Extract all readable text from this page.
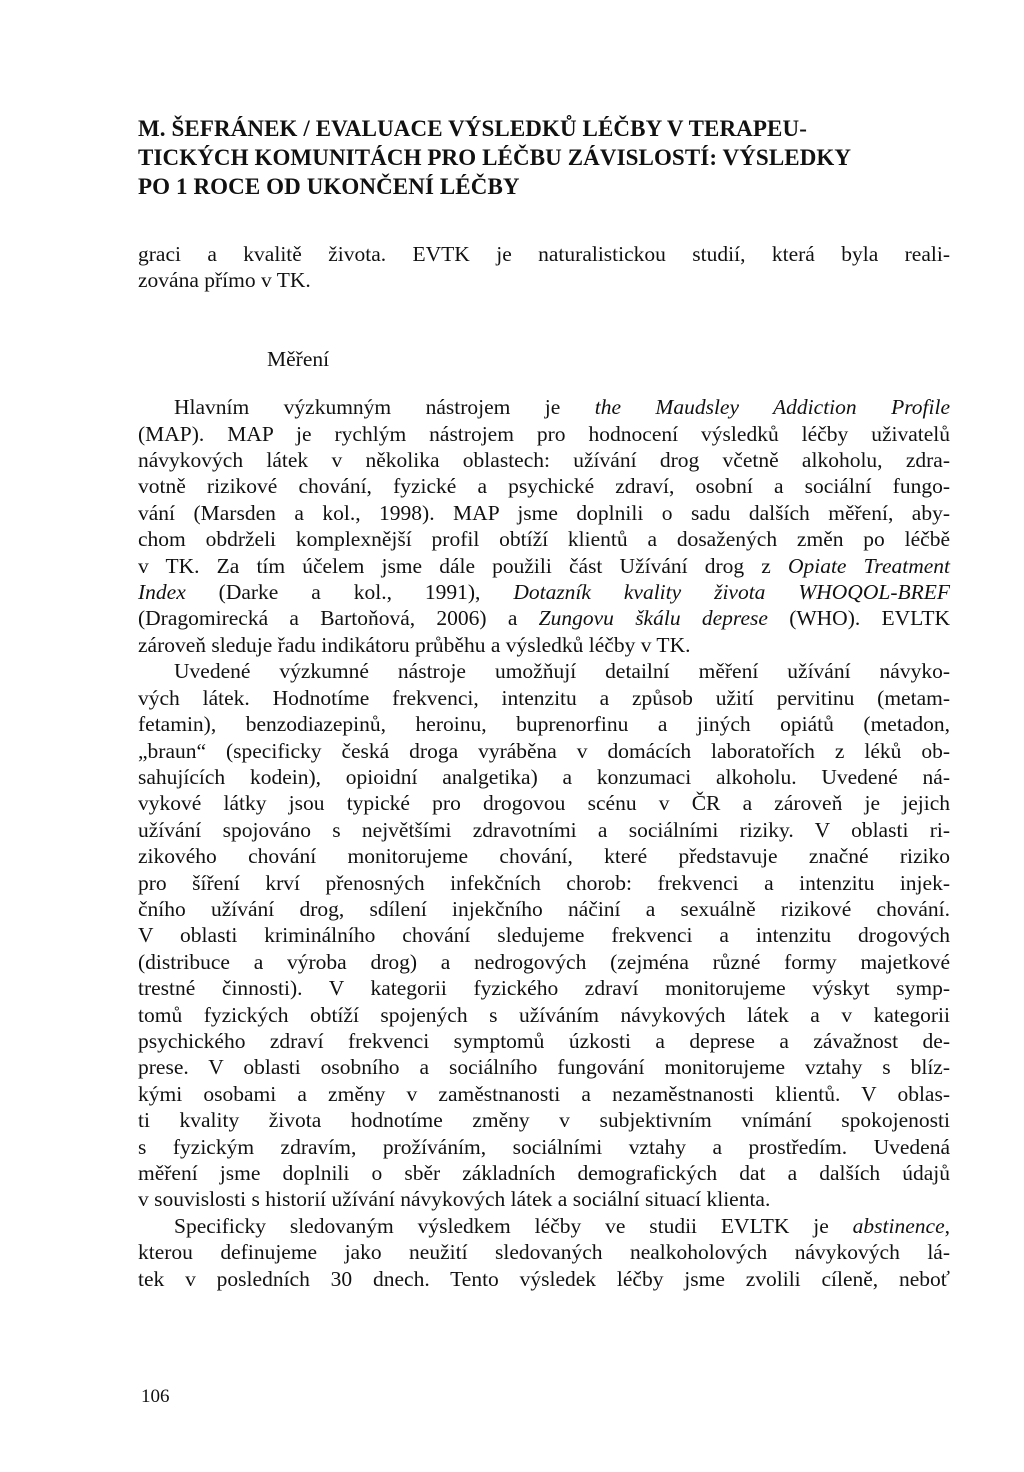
M. ŠEFRÁNEK / EVALUACE VÝSLEDKŮ LÉČBY V TERAPEU-
TICKÝCH KOMUNITÁCH PRO LÉČBU ZÁVISLOSTÍ: VÝSLEDKY
PO 1 ROCE OD UKONČENÍ LÉČBY
graci a kvalitě života. EVTK je naturalistickou studií, která byla reali-
zována přímo v TK.
Měření
Hlavním výzkumným nástrojem je the Maudsley Addiction Profile
(MAP). MAP je rychlým nástrojem pro hodnocení výsledků léčby uživatelů
návykových látek v několika oblastech: užívání drog včetně alkoholu, zdra-
votně rizikové chování, fyzické a psychické zdraví, osobní a sociální fungo-
vání (Marsden a kol., 1998). MAP jsme doplnili o sadu dalších měření, aby-
chom obdrželi komplexnější profil obtíží klientů a dosažených změn po léčbě
v TK. Za tím účelem jsme dále použili část Užívání drog z Opiate Treatment
Index (Darke a kol., 1991), Dotazník kvality života WHOQOL-BREF
(Dragomirecká a Bartoňová, 2006) a Zungovu škálu deprese (WHO). EVLTK
zároveň sleduje řadu indikátoru průběhu a výsledků léčby v TK.
Uvedené výzkumné nástroje umožňují detailní měření užívání návyko-
vých látek. Hodnotíme frekvenci, intenzitu a způsob užití pervitinu (metam-
fetamin), benzodiazepinů, heroinu, buprenorfinu a jiných opiátů (metadon,
„braun“ (specificky česká droga vyráběna v domácích laboratořích z léků ob-
sahujících kodein), opioidní analgetika) a konzumaci alkoholu. Uvedené ná-
vykové látky jsou typické pro drogovou scénu v ČR a zároveň je jejich
užívání spojováno s největšími zdravotními a sociálními riziky. V oblasti ri-
zikového chování monitorujeme chování, které představuje značné riziko
pro šíření krví přenosných infekčních chorob: frekvenci a intenzitu injek-
čního užívání drog, sdílení injekčního náčiní a sexuálně rizikové chování.
V oblasti kriminálního chování sledujeme frekvenci a intenzitu drogových
(distribuce a výroba drog) a nedrogových (zejména různé formy majetkové
trestné činnosti). V kategorii fyzického zdraví monitorujeme výskyt symp-
tomů fyzických obtíží spojených s užíváním návykových látek a v kategorii
psychického zdraví frekvenci symptomů úzkosti a deprese a závažnost de-
prese. V oblasti osobního a sociálního fungování monitorujeme vztahy s blíz-
kými osobami a změny v zaměstnanosti a nezaměstnanosti klientů. V oblas-
ti kvality života hodnotíme změny v subjektivním vnímání spokojenosti
s fyzickým zdravím, prožíváním, sociálními vztahy a prostředím. Uvedená
měření jsme doplnili o sběr základních demografických dat a dalších údajů
v souvislosti s historií užívání návykových látek a sociální situací klienta.
Specificky sledovaným výsledkem léčby ve studii EVLTK je abstinence,
kterou definujeme jako neužití sledovaných nealkoholových návykových lá-
tek v posledních 30 dnech. Tento výsledek léčby jsme zvolili cíleně, neboť
106
